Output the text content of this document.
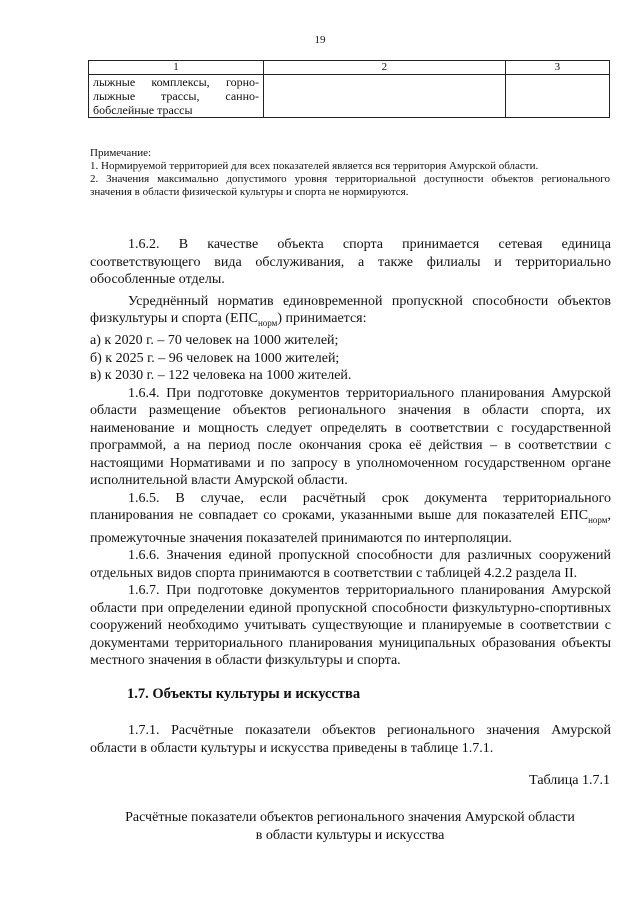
19
1	2	3

лыжные комплексы, горно-
лыжные трассы, санно-
бобслейные трассы		

Примечание:

1. Нормируемой территорией для всех показателей является вся территория Амурской области.

2. Значения максимально допустимого уровня территориальной доступности объектов регионального значения в области физической культуры и спорта не нормируются.

1.6.2. В качестве объекта спорта принимается сетевая единица соответствующего вида обслуживания, а также филиалы и территориально обособленные отделы.

Усреднённый норматив единовременной пропускной способности объектов физкультуры и спорта $(ЕПС_{норм})$ принимается:

а) к 2020 г. – 70 человек на 1000 жителей;

б) к 2025 г. – 96 человек на 1000 жителей;

в) к 2030 г. – 122 человека на 1000 жителей.

1.6.4. При подготовке документов территориального планирования Амурской области размещение объектов регионального значения в области спорта, их наименование и мощность следует определять в соответствии с государственной программой, а на период после окончания срока её действия – в соответствии с настоящими Нормативами и по запросу в уполномоченном государственном органе исполнительной власти Амурской области.

1.6.5. В случае, если расчётный срок документа территориального планирования не совпадает со сроками, указанными выше для показателей $ЕПС_{норм}$, промежуточные значения показателей принимаются по интерполяции.

1.6.6. Значения единой пропускной способности для различных сооружений отдельных видов спорта принимаются в соответствии с таблицей 4.2.2 раздела II.

1.6.7. При подготовке документов территориального планирования Амурской области при определении единой пропускной способности физкультурно-спортивных сооружений необходимо учитывать существующие и планируемые в соответствии с документами территориального планирования муниципальных образования объекты местного значения в области физкультуры и спорта.

1.7. Объекты культуры и искусства

1.7.1. Расчётные показатели объектов регионального значения Амурской области в области культуры и искусства приведены в таблице 1.7.1.

Таблица 1.7.1
Расчётные показатели объектов регионального значения Амурской области
в области культуры и искусства
